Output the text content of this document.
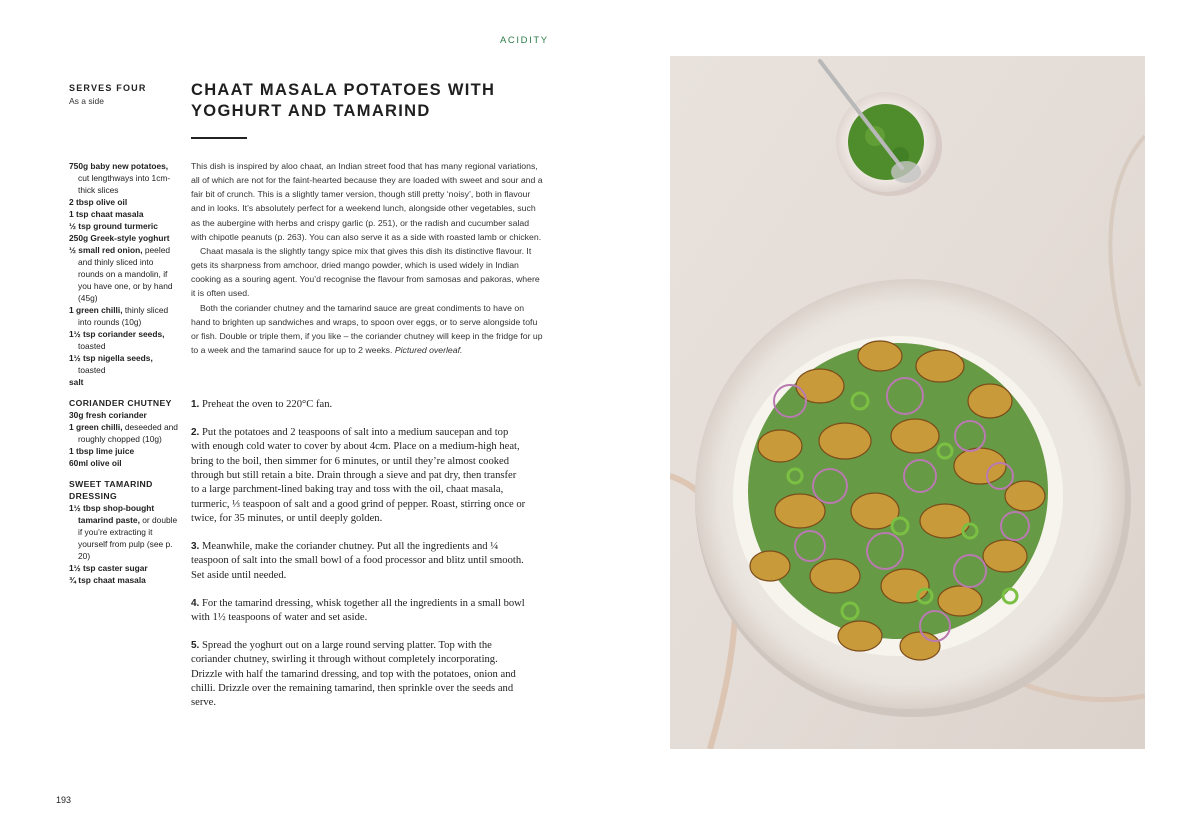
ACIDITY
SERVES FOUR
As a side
CHAAT MASALA POTATOES WITH YOGHURT AND TAMARIND
750g baby new potatoes, cut lengthways into 1cm-thick slices
2 tbsp olive oil
1 tsp chaat masala
½ tsp ground turmeric
250g Greek-style yoghurt
½ small red onion, peeled and thinly sliced into rounds on a mandolin, if you have one, or by hand (45g)
1 green chilli, thinly sliced into rounds (10g)
1½ tsp coriander seeds, toasted
1½ tsp nigella seeds, toasted
salt
CORIANDER CHUTNEY
30g fresh coriander
1 green chilli, deseeded and roughly chopped (10g)
1 tbsp lime juice
60ml olive oil
SWEET TAMARIND DRESSING
1½ tbsp shop-bought tamarind paste, or double if you’re extracting it yourself from pulp (see p. 20)
1½ tsp caster sugar
¾ tsp chaat masala

This dish is inspired by aloo chaat, an Indian street food that has many regional variations, all of which are not for the faint-hearted because they are loaded with sweet and sour and a fair bit of crunch. This is a slightly tamer version, though still pretty ‘noisy’, both in flavour and in looks. It’s absolutely perfect for a weekend lunch, alongside other vegetables, such as the aubergine with herbs and crispy garlic (p. 251), or the radish and cucumber salad with chipotle peanuts (p. 263). You can also serve it as a side with roasted lamb or chicken.

Chaat masala is the slightly tangy spice mix that gives this dish its distinctive flavour. It gets its sharpness from amchoor, dried mango powder, which is used widely in Indian cooking as a souring agent. You’d recognise the flavour from samosas and pakoras, where it is often used.

Both the coriander chutney and the tamarind sauce are great condiments to have on hand to brighten up sandwiches and wraps, to spoon over eggs, or to serve alongside tofu or fish. Double or triple them, if you like – the coriander chutney will keep in the fridge for up to a week and the tamarind sauce for up to 2 weeks. Pictured overleaf.

1. Preheat the oven to 220°C fan.

2. Put the potatoes and 2 teaspoons of salt into a medium saucepan and top with enough cold water to cover by about 4cm. Place on a medium-high heat, bring to the boil, then simmer for 6 minutes, or until they’re almost cooked through but still retain a bite. Drain through a sieve and pat dry, then transfer to a large parchment-lined baking tray and toss with the oil, chaat masala, turmeric, ⅓ teaspoon of salt and a good grind of pepper. Roast, stirring once or twice, for 35 minutes, or until deeply golden.

3. Meanwhile, make the coriander chutney. Put all the ingredients and ¼ teaspoon of salt into the small bowl of a food processor and blitz until smooth. Set aside until needed.

4. For the tamarind dressing, whisk together all the ingredients in a small bowl with 1½ teaspoons of water and set aside.

5. Spread the yoghurt out on a large round serving platter. Top with the coriander chutney, swirling it through without completely incorporating. Drizzle with half the tamarind dressing, and top with the potatoes, onion and chilli. Drizzle over the remaining tamarind, then sprinkle over the seeds and serve.

193
